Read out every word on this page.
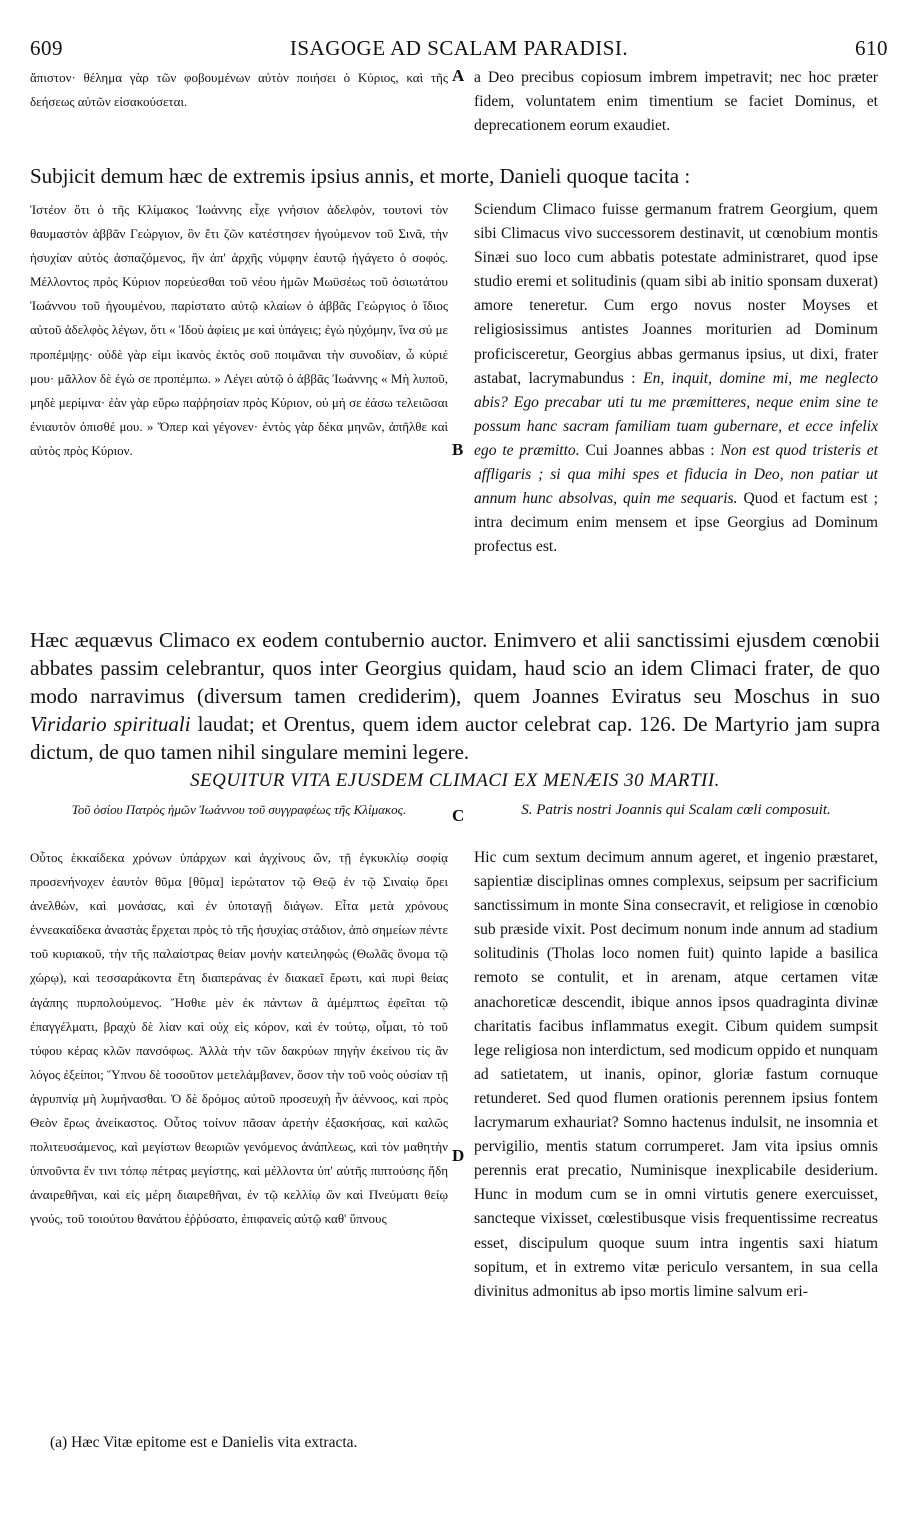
609	ISAGOGE AD SCALAM PARADISI.	610
ἄπιστον· θέλημα γὰρ τῶν φοβουμένων αὐτὸν ποιήσει ὁ Κύριος, καὶ τῆς δεήσεως αὐτῶν εἰσακούσεται.
A a Deo precibus copiosum imbrem impetravit; nec hoc præter fidem, voluntatem enim timentium se faciet Dominus, et deprecationem eorum exaudiet.
Subjicit demum hæc de extremis ipsius annis, et morte, Danieli quoque tacita :
Ἰστέον ὅτι ὁ τῆς Κλίμακος Ἰωάννης εἶχε γνήσιον ἀδελφὸν, τουτονὶ τὸν θαυμαστὸν ἀββᾶν Γεώργιον, ὃν ἔτι ζῶν κατέστησεν ἡγούμενον τοῦ Σινᾶ, τὴν ἡσυχίαν αὐτὸς ἀσπαζόμενος, ἣν ἀπ' ἀρχῆς νύμφην ἑαυτῷ ἠγάγετο ὁ σοφός. Μέλλοντος πρὸς Κύριον πορεύεσθαι τοῦ νέου ἡμῶν Μωϋσέως τοῦ ὁσιωτάτου Ἰωάννου τοῦ ἡγουμένου, παρίστατο αὐτῷ κλαίων ὁ ἀββᾶς Γεώργιος ὁ ἴδιος αὐτοῦ ἀδελφὸς λέγων, ὅτι « Ἰδοὺ ἀφίεις με καὶ ὑπάγεις; ἐγὼ ηὐχόμην, ἵνα σύ με προπέμψῃς· οὐδὲ γὰρ εἰμι ἱκανὸς ἐκτὸς σοῦ ποιμᾶναι τὴν συνοδίαν, ὦ κύριέ μου· μᾶλλον δὲ ἐγώ σε προπέμπω. » Λέγει αὐτῷ ὁ ἀββᾶς Ἰωάννης « Μὴ λυποῦ, μηδὲ μερίμνα· ἐὰν γὰρ εὕρω παῤῥησίαν πρὸς Κύριον, οὐ μή σε ἐάσω τελειῶσαι ἐνιαυτὸν ὀπισθέ μου. » Ὅπερ καὶ γέγονεν· ἐντὸς γὰρ δέκα μηνῶν, ἀπῆλθε καὶ αὐτὸς πρὸς Κύριον.	B
Sciendum Climaco fuisse germanum fratrem Georgium, quem sibi Climacus vivo successorem destinavit, ut cœnobium montis Sinæi suo loco cum abbatis potestate administraret, quod ipse studio eremi et solitudinis (quam sibi ab initio sponsam duxerat) amore teneretur. Cum ergo novus noster Moyses et religiosissimus antistes Joannes moriturien ad Dominum proficisceretur, Georgius abbas germanus ipsius, ut dixi, frater astabat, lacrymabundus : En, inquit, domine mi, me neglecto abis? Ego precabar uti tu me præmitteres, neque enim sine te possum hanc sacram familiam tuam gubernare, et ecce infelix ego te præmitto. Cui Joannes abbas : Non est quod tristeris et affligaris ; si qua mihi spes et fiducia in Deo, non patiar ut annum hunc absolvas, quin me sequaris. Quod et factum est ; intra decimum enim mensem et ipse Georgius ad Dominum profectus est.
Hæc æquævus Climaco ex eodem contubernio auctor. Enimvero et alii sanctissimi ejusdem cœnobii abbates passim celebrantur, quos inter Georgius quidam, haud scio an idem Climaci frater, de quo modo narravimus (diversum tamen crediderim), quem Joannes Eviratus seu Moschus in suo Viridario spirituali laudat; et Orentus, quem idem auctor celebrat cap. 126. De Martyrio jam supra dictum, de quo tamen nihil singulare memini legere.
SEQUITUR VITA EJUSDEM CLIMACI EX MENÆIS 30 MARTII.
Τοῦ ὁσίου Πατρὸς ἡμῶν Ἰωάννου τοῦ συγγραφέως τῆς Κλίμακος.	C	S. Patris nostri Joannis qui Scalam cœli composuit.
Οὗτος ἑκκαίδεκα χρόνων ὑπάρχων καὶ ἀγχίνους ὤν, τῇ ἐγκυκλίῳ σοφίᾳ προσενήνοχεν ἑαυτὸν θῦμα [θῦμα] ἱερώτατον τῷ Θεῷ ἐν τῷ Σιναίῳ ὄρει ἀνελθὼν, καὶ μονάσας, καὶ ἐν ὑποταγῇ διάγων. Εἶτα μετὰ χρόνους ἐννεακαίδεκα ἀναστὰς ἔρχεται πρὸς τὸ τῆς ἡσυχίας στάδιον, ἀπὸ σημείων πέντε τοῦ κυριακοῦ, τὴν τῆς παλαίστρας θείαν μονὴν κατειληφώς (Θωλᾶς ὄνομα τῷ χώρῳ), καὶ τεσσαράκοντα ἔτη διαπεράνας ἐν διακαεῖ ἔρωτι, καὶ πυρὶ θείας ἀγάπης πυρπολούμενος. Ἤσθιε μὲν ἐκ πάντων ἃ ἀμέμπτως ἐφεῖται τῷ ἐπαγγέλματι, βραχὺ δὲ λίαν καὶ οὐχ εἰς κόρον, καὶ ἐν τούτῳ, οἶμαι, τὸ τοῦ τύφου κέρας κλῶν πανσόφως. Ἀλλὰ τὴν τῶν δακρύων πηγὴν ἐκείνου τίς ἂν λόγος ἐξείποι; Ὕπνου δὲ τοσοῦτον μετελάμβανεν, ὅσον τὴν τοῦ νοὸς οὐσίαν τῇ ἀγρυπνίᾳ μὴ λυμήνασθαι. Ὁ δὲ δρόμος αὐτοῦ προσευχὴ ἦν ἀέννοος, καὶ πρὸς Θεὸν ἔρως ἀνείκαστος. Οὗτος τοίνυν πᾶσαν ἀρετὴν ἐξασκήσας, καὶ καλῶς πολιτευσάμενος, καὶ μεγίστων θεωριῶν γενόμενος ἀνάπλεως, καὶ τὸν μαθητὴν ὑπνοῦντα ἔν τινι τόπῳ πέτρας μεγίστης, καὶ μέλλοντα ὑπ' αὐτῆς πιπτούσης ἤδη ἀναιρεθῆναι, καὶ εἰς μέρη διαιρεθῆναι, ἐν τῷ κελλίῳ ὢν καὶ Πνεύματι θείῳ γνούς, τοῦ τοιούτου θανάτου ἐῤῥύσατο, ἐπιφανεὶς αὐτῷ καθ' ὕπνους
D
Hic cum sextum decimum annum ageret, et ingenio præstaret, sapientiæ disciplinas omnes complexus, seipsum per sacrificium sanctissimum in monte Sina consecravit, et religiose in cœnobio sub præside vixit. Post decimum nonum inde annum ad stadium solitudinis (Tholas loco nomen fuit) quinto lapide a basilica remoto se contulit, et in arenam, atque certamen vitæ anachoreticæ descendit, ibique annos ipsos quadraginta divinæ charitatis facibus inflammatus exegit. Cibum quidem sumpsit lege religiosa non interdictum, sed modicum oppido et nunquam ad satietatem, ut inanis, opinor, gloriæ fastum cornuque retunderet. Sed quod flumen orationis perennem ipsius fontem lacrymarum exhauriat? Somno hactenus indulsit, ne insomnia et pervigilio, mentis statum corrumperet. Jam vita ipsius omnis perennis erat precatio, Numinisque inexplicabile desiderium. Hunc in modum cum se in omni virtutis genere exercuisset, sancteque vixisset, cœlestibusque visis frequentissime recreatus esset, discipulum quoque suum intra ingentis saxi hiatum sopitum, et in extremo vitæ periculo versantem, in sua cella divinitus admonitus ab ipso mortis limine salvum eri-
(a) Hæc Vitæ epitome est e Danielis vita extracta.
